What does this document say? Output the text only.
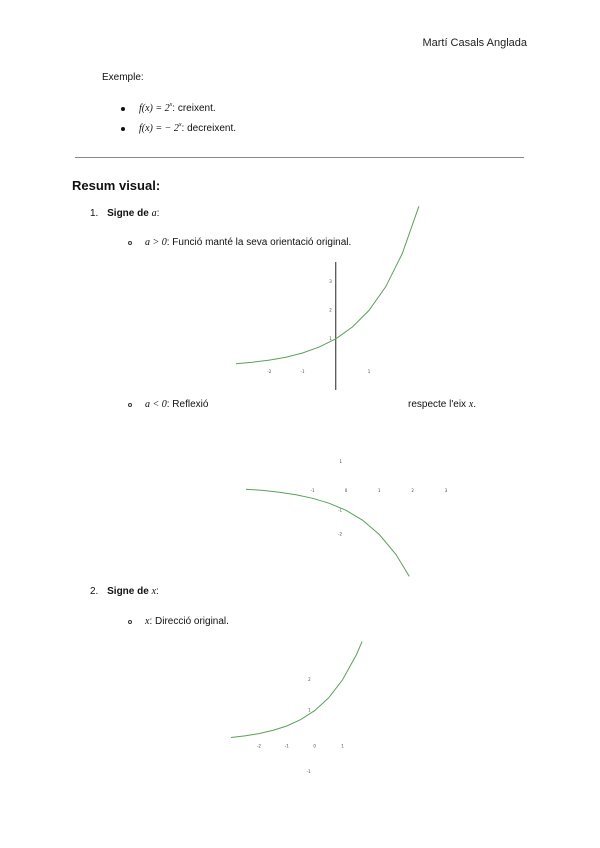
Martí Casals Anglada
Exemple:
$f(x) = 2^x$: creixent.
f(x) = − $2^x$: decreixent.
Resum visual:
1. Signe de a:
a > 0: Funció manté la seva orientació original.
-2	-1	1
3
2
1
a < 0: Reflexió	respecte l'eix x.
-1	0	1	2	3
1
-1
-2
2. Signe de x:
x: Direcció original.
-2	-1	0	1
2
1
-1
